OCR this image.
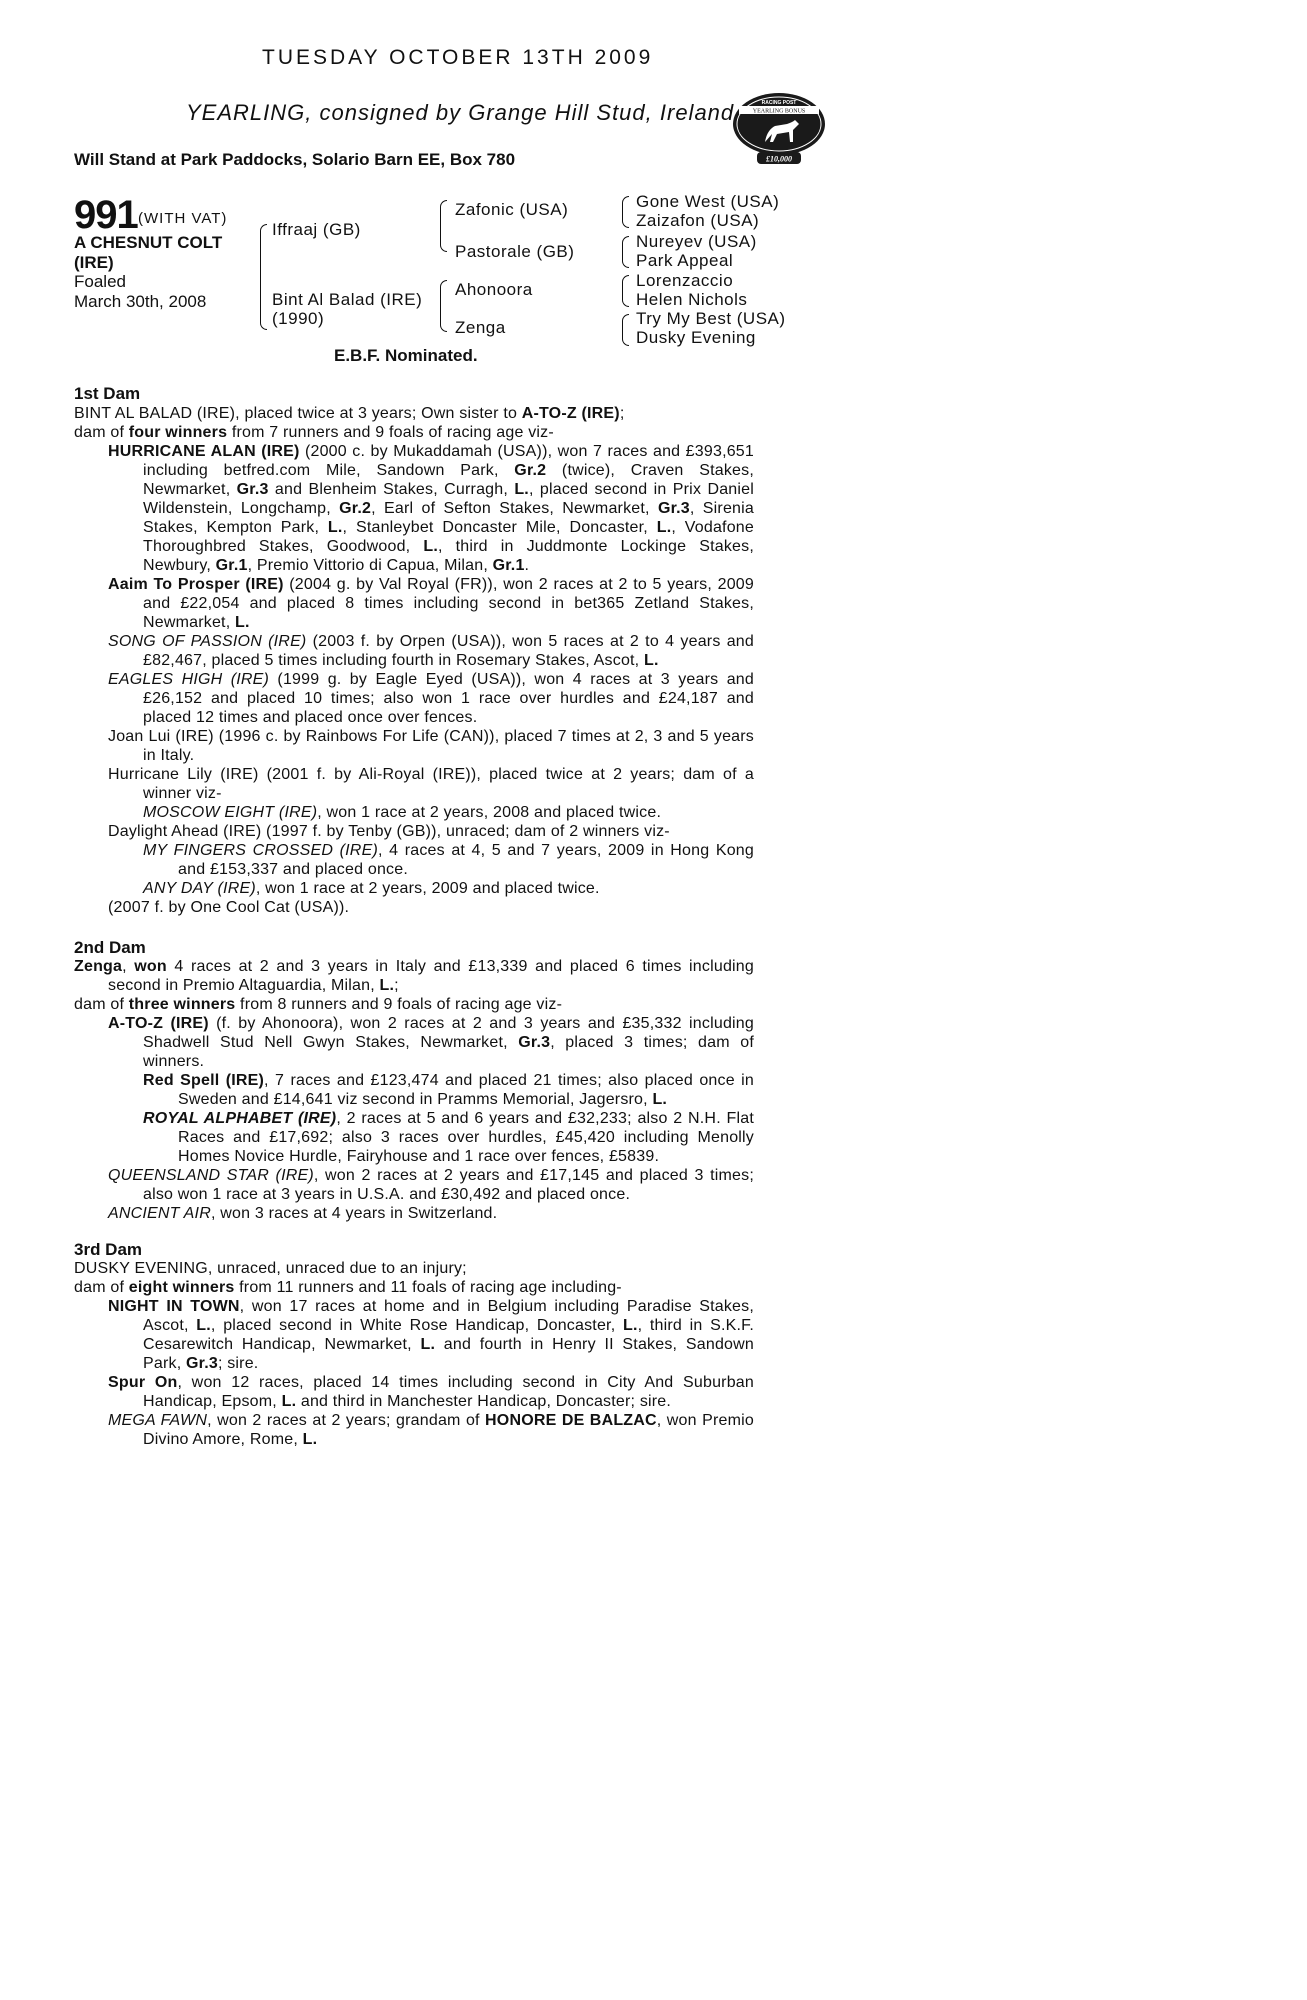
TUESDAY OCTOBER 13TH 2009
YEARLING, consigned by Grange Hill Stud, Ireland
Will Stand at Park Paddocks, Solario Barn EE, Box 780
RACING POST
YEARLING BONUS
£10,000
991 (WITH VAT)
A CHESNUT COLT
(IRE)
Foaled
March 30th, 2008
Iffraaj (GB)
Bint Al Balad (IRE)
(1990)
Zafonic (USA)
Pastorale (GB)
Ahonoora
Zenga
Gone West (USA)
Zaizafon (USA)
Nureyev (USA)
Park Appeal
Lorenzaccio
Helen Nichols
Try My Best (USA)
Dusky Evening
E.B.F. Nominated.
1st Dam
BINT AL BALAD (IRE), placed twice at 3 years; Own sister to A-TO-Z (IRE);
dam of four winners from 7 runners and 9 foals of racing age viz-
HURRICANE ALAN (IRE) (2000 c. by Mukaddamah (USA)), won 7 races and £393,651 including betfred.com Mile, Sandown Park, Gr.2 (twice), Craven Stakes, Newmarket, Gr.3 and Blenheim Stakes, Curragh, L., placed second in Prix Daniel Wildenstein, Longchamp, Gr.2, Earl of Sefton Stakes, Newmarket, Gr.3, Sirenia Stakes, Kempton Park, L., Stanleybet Doncaster Mile, Doncaster, L., Vodafone Thoroughbred Stakes, Goodwood, L., third in Juddmonte Lockinge Stakes, Newbury, Gr.1, Premio Vittorio di Capua, Milan, Gr.1.
Aaim To Prosper (IRE) (2004 g. by Val Royal (FR)), won 2 races at 2 to 5 years, 2009 and £22,054 and placed 8 times including second in bet365 Zetland Stakes, Newmarket, L.
SONG OF PASSION (IRE) (2003 f. by Orpen (USA)), won 5 races at 2 to 4 years and £82,467, placed 5 times including fourth in Rosemary Stakes, Ascot, L.
EAGLES HIGH (IRE) (1999 g. by Eagle Eyed (USA)), won 4 races at 3 years and £26,152 and placed 10 times; also won 1 race over hurdles and £24,187 and placed 12 times and placed once over fences.
Joan Lui (IRE) (1996 c. by Rainbows For Life (CAN)), placed 7 times at 2, 3 and 5 years in Italy.
Hurricane Lily (IRE) (2001 f. by Ali-Royal (IRE)), placed twice at 2 years; dam of a winner viz-
MOSCOW EIGHT (IRE), won 1 race at 2 years, 2008 and placed twice.
Daylight Ahead (IRE) (1997 f. by Tenby (GB)), unraced; dam of 2 winners viz-
MY FINGERS CROSSED (IRE), 4 races at 4, 5 and 7 years, 2009 in Hong Kong and £153,337 and placed once.
ANY DAY (IRE), won 1 race at 2 years, 2009 and placed twice.
(2007 f. by One Cool Cat (USA)).
2nd Dam
Zenga, won 4 races at 2 and 3 years in Italy and £13,339 and placed 6 times including second in Premio Altaguardia, Milan, L.;
dam of three winners from 8 runners and 9 foals of racing age viz-
A-TO-Z (IRE) (f. by Ahonoora), won 2 races at 2 and 3 years and £35,332 including Shadwell Stud Nell Gwyn Stakes, Newmarket, Gr.3, placed 3 times; dam of winners.
Red Spell (IRE), 7 races and £123,474 and placed 21 times; also placed once in Sweden and £14,641 viz second in Pramms Memorial, Jagersro, L.
ROYAL ALPHABET (IRE), 2 races at 5 and 6 years and £32,233; also 2 N.H. Flat Races and £17,692; also 3 races over hurdles, £45,420 including Menolly Homes Novice Hurdle, Fairyhouse and 1 race over fences, £5839.
QUEENSLAND STAR (IRE), won 2 races at 2 years and £17,145 and placed 3 times; also won 1 race at 3 years in U.S.A. and £30,492 and placed once.
ANCIENT AIR, won 3 races at 4 years in Switzerland.
3rd Dam
DUSKY EVENING, unraced, unraced due to an injury;
dam of eight winners from 11 runners and 11 foals of racing age including-
NIGHT IN TOWN, won 17 races at home and in Belgium including Paradise Stakes, Ascot, L., placed second in White Rose Handicap, Doncaster, L., third in S.K.F. Cesarewitch Handicap, Newmarket, L. and fourth in Henry II Stakes, Sandown Park, Gr.3; sire.
Spur On, won 12 races, placed 14 times including second in City And Suburban Handicap, Epsom, L. and third in Manchester Handicap, Doncaster; sire.
MEGA FAWN, won 2 races at 2 years; grandam of HONORE DE BALZAC, won Premio Divino Amore, Rome, L.
